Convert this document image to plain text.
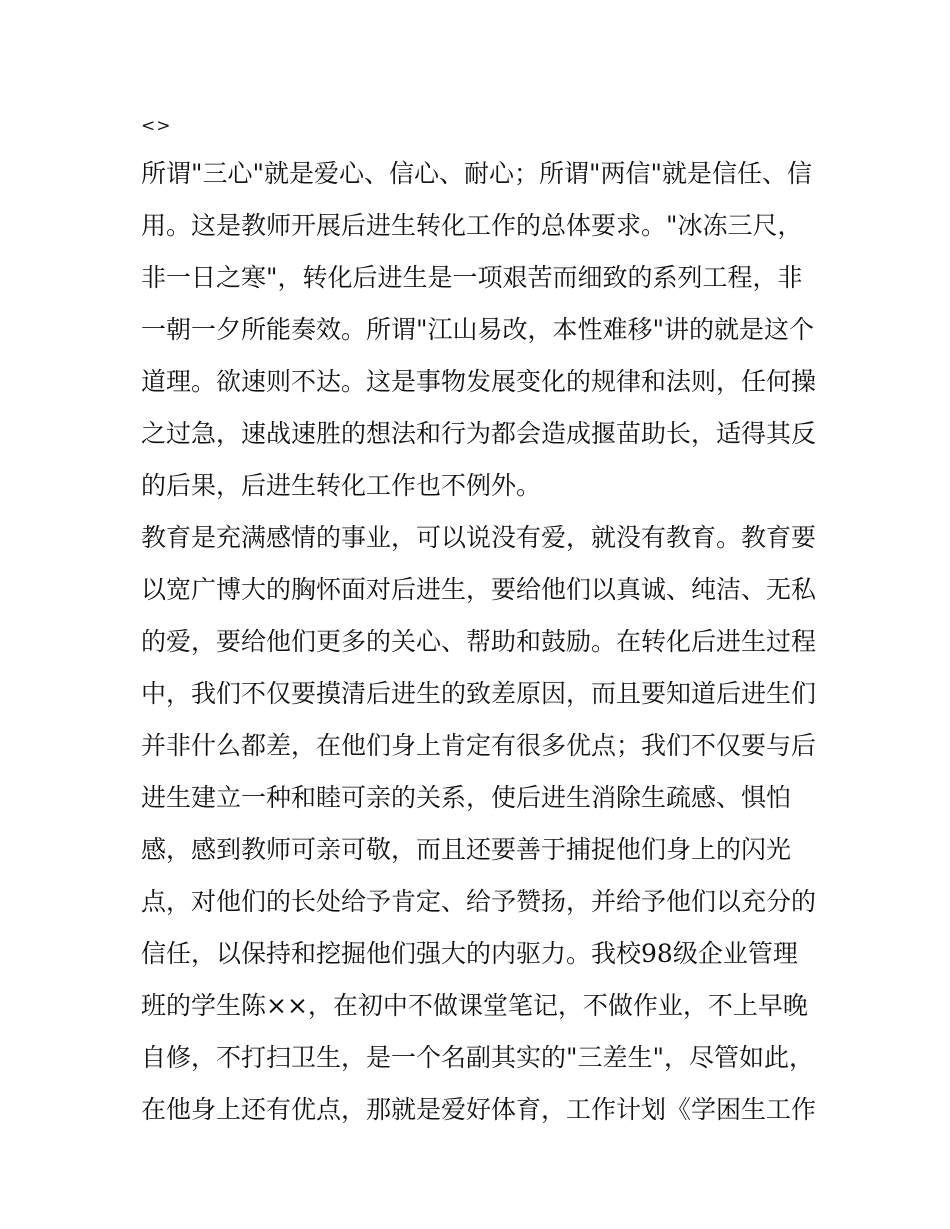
<>
所谓"三心"就是爱心、信心、耐心；所谓"两信"就是信任、信
用。这是教师开展后进生转化工作的总体要求。"冰冻三尺，
非一日之寒"，转化后进生是一项艰苦而细致的系列工程，非
一朝一夕所能奏效。所谓"江山易改，本性难移"讲的就是这个
道理。欲速则不达。这是事物发展变化的规律和法则，任何操
之过急，速战速胜的想法和行为都会造成揠苗助长，适得其反
的后果，后进生转化工作也不例外。
教育是充满感情的事业，可以说没有爱，就没有教育。教育要
以宽广博大的胸怀面对后进生，要给他们以真诚、纯洁、无私
的爱，要给他们更多的关心、帮助和鼓励。在转化后进生过程
中，我们不仅要摸清后进生的致差原因，而且要知道后进生们
并非什么都差，在他们身上肯定有很多优点；我们不仅要与后
进生建立一种和睦可亲的关系，使后进生消除生疏感、惧怕
感，感到教师可亲可敬，而且还要善于捕捉他们身上的闪光
点，对他们的长处给予肯定、给予赞扬，并给予他们以充分的
信任，以保持和挖掘他们强大的内驱力。我校98级企业管理
班的学生陈××，在初中不做课堂笔记，不做作业，不上早晚
自修，不打扫卫生，是一个名副其实的"三差生"，尽管如此，
在他身上还有优点，那就是爱好体育，工作计划《学困生工作
